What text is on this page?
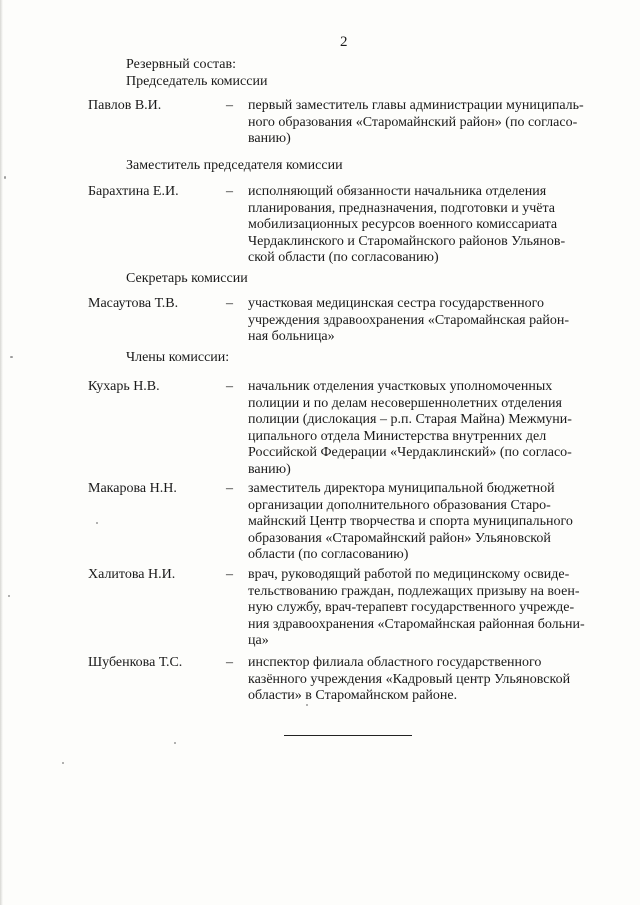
2
Резервный состав:
Председатель комиссии
Павлов В.И.	– первый заместитель главы администрации муниципаль-
ного образования «Старомайнский район» (по согласо-
ванию)
Заместитель председателя комиссии
Барахтина Е.И.	– исполняющий обязанности начальника отделения
планирования, предназначения, подготовки и учёта
мобилизационных ресурсов военного комиссариата
Чердаклинского и Старомайнского районов Ульянов-
ской области (по согласованию)
Секретарь комиссии
Масаутова Т.В.	– участковая медицинская сестра государственного
учреждения здравоохранения «Старомайнская район-
ная больница»
Члены комиссии:
Кухарь Н.В.	– начальник отделения участковых уполномоченных
полиции и по делам несовершеннолетних отделения
полиции (дислокация – р.п. Старая Майна) Межмуни-
ципального отдела Министерства внутренних дел
Российской Федерации «Чердаклинский» (по согласо-
ванию)
Макарова Н.Н.	– заместитель директора муниципальной бюджетной
организации дополнительного образования Старо-
майнский Центр творчества и спорта муниципального
образования «Старомайнский район» Ульяновской
области (по согласованию)
Халитова Н.И.	– врач, руководящий работой по медицинскому освиде-
тельствованию граждан, подлежащих призыву на воен-
ную службу, врач-терапевт государственного учрежде-
ния здравоохранения «Старомайнская районная больни-
ца»
Шубенкова Т.С.	– инспектор филиала областного государственного
казённого учреждения «Кадровый центр Ульяновской
области» в Старомайнском районе.
